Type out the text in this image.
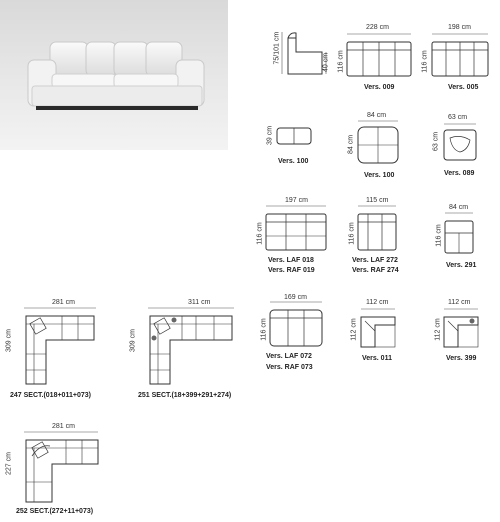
75/101 cm	40 cm
228 cm
116 cm
Vers. 009
198 cm
116 cm
Vers. 005
39 cm
Vers. 100
84 cm
84 cm
Vers. 100
63 cm
63 cm
Vers. 089
197 cm
116 cm
Vers. LAF 018
Vers. RAF 019
115 cm
116 cm
Vers. LAF 272
Vers. RAF 274
84 cm
116 cm
Vers. 291
169 cm
116 cm
Vers. LAF 072
Vers. RAF 073
112 cm
112 cm
Vers. 011
112 cm
112 cm
Vers. 399
281 cm
309 cm
247 SECT.(018+011+073)
311 cm
309 cm
251 SECT.(18+399+291+274)
281 cm
227 cm
252 SECT.(272+11+073)
